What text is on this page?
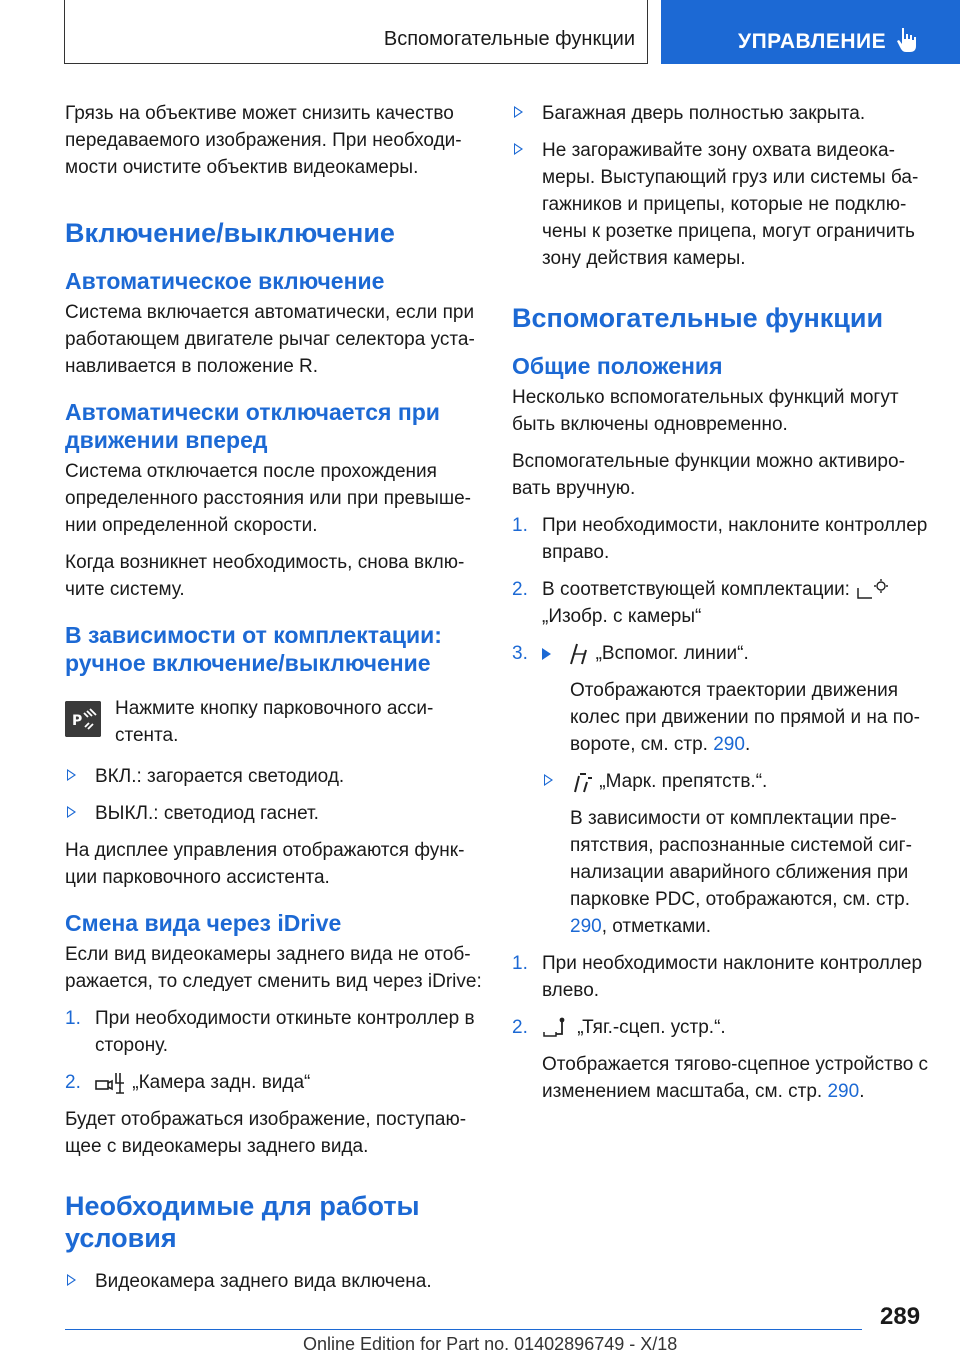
Вспомогательные функции	УПРАВЛЕНИЕ

Грязь на объективе может снизить качество передаваемого изображения. При необходимости очистите объектив видеокамеры.

Включение/выключение
Автоматическое включение

Система включается автоматически, если при работающем двигателе рычаг селектора устанавливается в положение R.

Автоматически отключается при движении вперед

Система отключается после прохождения определенного расстояния или при превышении определенной скорости.

Когда возникнет необходимость, снова включите систему.

В зависимости от комплектации: ручное включение/выключение
P

Нажмите кнопку парковочного ассистента.

ВКЛ.: загорается светодиод.
ВЫКЛ.: светодиод гаснет.

На дисплее управления отображаются функции парковочного ассистента.

Смена вида через iDrive

Если вид видеокамеры заднего вида не отображается, то следует сменить вид через iDrive:

1. При необходимости откиньте контроллер в сторону.
2.	„Камера задн. вида“

Будет отображаться изображение, поступающее с видеокамеры заднего вида.

Необходимые для работы условия
Видеокамера заднего вида включена.
Багажная дверь полностью закрыта.
Не загораживайте зону охвата видеокамеры. Выступающий груз или системы багажников и прицепы, которые не подключены к розетке прицепа, могут ограничить зону действия камеры.
Вспомогательные функции
Общие положения

Несколько вспомогательных функций могут быть включены одновременно.

Вспомогательные функции можно активировать вручную.

1. При необходимости, наклоните контроллер вправо.
2. В соответствующей комплектации:
„Изобр. с камеры“
3.	„Вспомог. линии“.

Отображаются траектории движения колес при движении по прямой и на повороте, см. стр. 290.

„Марк. препятств.“.

В зависимости от комплектации препятствия, распознанные системой сигнализации аварийного сближения при парковке PDC, отображаются, см. стр. 290, отметками.

1. При необходимости наклоните контроллер влево.
2.	„Тяг.-сцеп. устр.“.

Отображается тягово-сцепное устройство с изменением масштаба, см. стр. 290.

289
Online Edition for Part no. 01402896749 - X/18
